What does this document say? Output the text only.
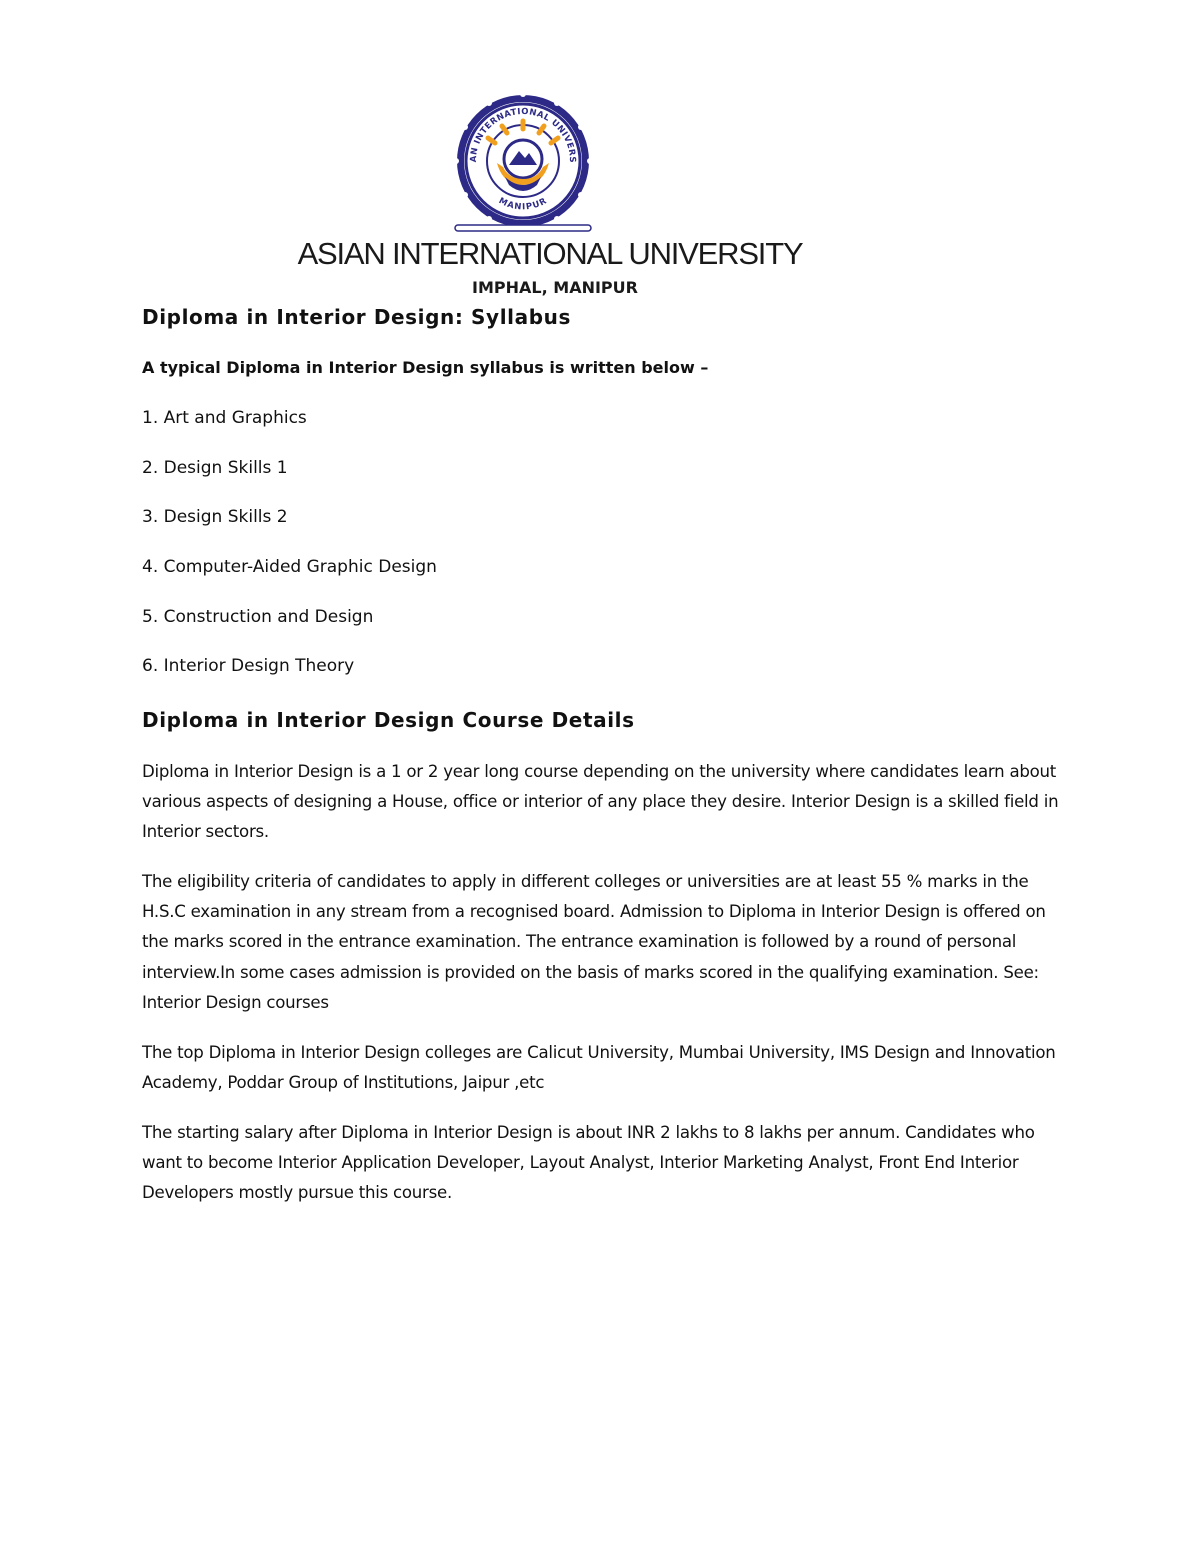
AN INTERNATIONAL UNIVERS
MANIPUR
ASIAN INTERNATIONAL UNIVERSITY
IMPHAL, MANIPUR
Diploma in Interior Design: Syllabus

A typical Diploma in Interior Design syllabus is written below –

1. Art and Graphics

2. Design Skills 1

3. Design Skills 2

4. Computer-Aided Graphic Design

5. Construction and Design

6. Interior Design Theory

Diploma in Interior Design Course Details

Diploma in Interior Design is a 1 or 2 year long course depending on the university where candidates learn about various aspects of designing a House, office or interior of any place they desire. Interior Design is a skilled field in Interior sectors.

The eligibility criteria of candidates to apply in different colleges or universities are at least 55 % marks in the H.S.C examination in any stream from a recognised board. Admission to Diploma in Interior Design is offered on the marks scored in the entrance examination. The entrance examination is followed by a round of personal interview.In some cases admission is provided on the basis of marks scored in the qualifying examination. See: Interior Design courses

The top Diploma in Interior Design colleges are Calicut University, Mumbai University, IMS Design and Innovation Academy, Poddar Group of Institutions, Jaipur ,etc

The starting salary after Diploma in Interior Design is about INR 2 lakhs to 8 lakhs per annum. Candidates who want to become Interior Application Developer, Layout Analyst, Interior Marketing Analyst, Front End Interior Developers mostly pursue this course.
